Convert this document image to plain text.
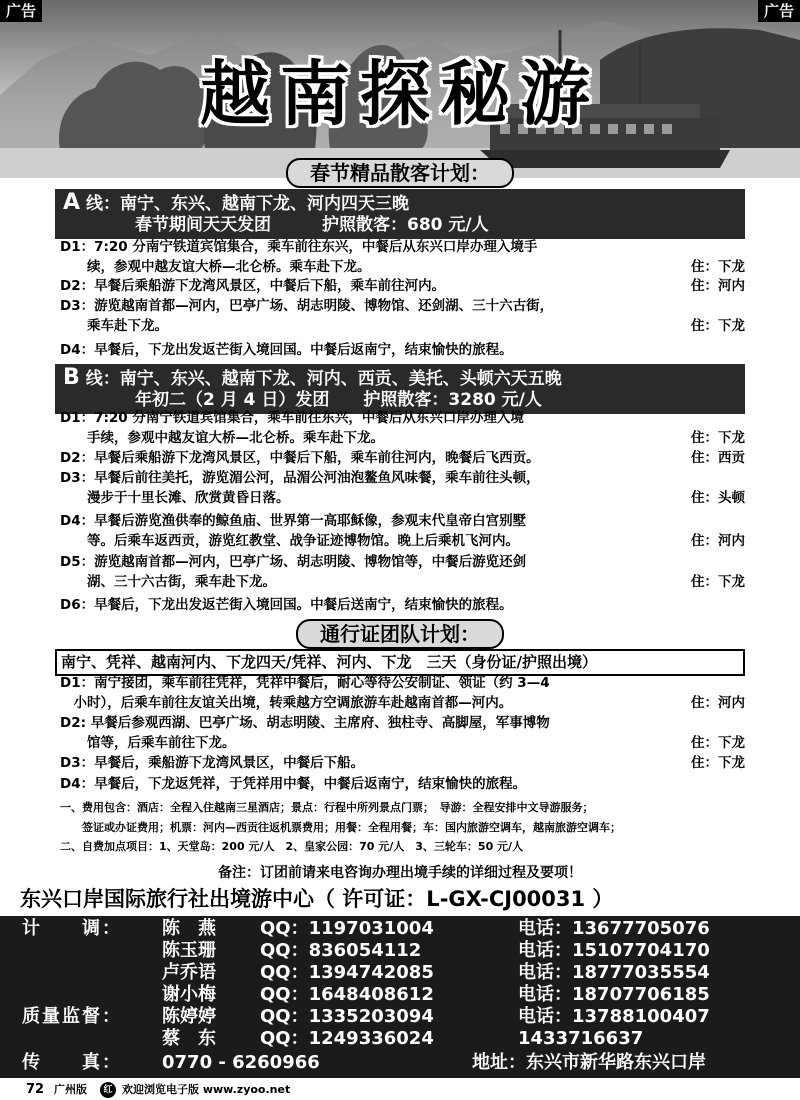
广告	广告
越南探秘游
春节精品散客计划：
A 线：南宁、东兴、越南下龙、河内四天三晚
春节期间天天发团　　　护照散客：680 元/人
D1：7:20 分南宁铁道宾馆集合，乘车前往东兴，中餐后从东兴口岸办理入境手
　　续，参观中越友谊大桥—北仑桥。乘车赴下龙。	住：下龙
D2：早餐后乘船游下龙湾风景区，中餐后下船，乘车前往河内。	住：河内
D3：游览越南首都—河内，巴亭广场、胡志明陵、博物馆、还剑湖、三十六古街，
　　乘车赴下龙。	住：下龙
D4：早餐后，下龙出发返芒街入境回国。中餐后返南宁，结束愉快的旅程。
B 线：南宁、东兴、越南下龙、河内、西贡、美托、头顿六天五晚
年初二（2 月 4 日）发团　　护照散客：3280 元/人
D1：7:20 分南宁铁道宾馆集合，乘车前往东兴，中餐后从东兴口岸办理入境
　　手续，参观中越友谊大桥—北仑桥。乘车赴下龙。	住：下龙
D2：早餐后乘船游下龙湾风景区，中餐后下船，乘车前往河内，晚餐后飞西贡。	住：西贡
D3：早餐后前往美托，游览湄公河，品湄公河油泡鳌鱼风味餐，乘车前往头顿，
　　漫步于十里长滩、欣赏黄昏日落。	住：头顿
D4：早餐后游览渔供奉的鲸鱼庙、世界第一高耶稣像，参观末代皇帝白宫别墅
　　等。后乘车返西贡，游览红教堂、战争证迹博物馆。晚上后乘机飞河内。	住：河内
D5：游览越南首都—河内，巴亭广场、胡志明陵、博物馆等，中餐后游览还剑
　　湖、三十六古街，乘车赴下龙。	住：下龙
D6：早餐后，下龙出发返芒街入境回国。中餐后送南宁，结束愉快的旅程。
通行证团队计划：
南宁、凭祥、越南河内、下龙四天/凭祥、河内、下龙　三天（身份证/护照出境）
D1：南宁接团，乘车前往凭祥，凭祥中餐后，耐心等待公安制证、领证（约 3—4
　小时），后乘车前往友谊关出境，转乘越方空调旅游车赴越南首都—河内。	住：河内
D2: 早餐后参观西湖、巴亭广场、胡志明陵、主席府、独柱寺、高脚屋，军事博物
　　馆等，后乘车前往下龙。	住：下龙
D3：早餐后，乘船游下龙湾风景区，中餐后下船。	住：下龙
D4：早餐后，下龙返凭祥，于凭祥用中餐，中餐后返南宁，结束愉快的旅程。
一、费用包含：酒店：全程入住越南三星酒店；景点：行程中所列景点门票；　导游：全程安排中文导游服务；
　　签证或办证费用；机票：河内—西贡往返机票费用；用餐：全程用餐；车：国内旅游空调车，越南旅游空调车；
二、自费加点项目：1、天堂岛：200 元/人　2、皇家公园：70 元/人　3、三轮车：50 元/人
备注：订团前请来电咨询办理出境手续的详细过程及要项！
东兴口岸国际旅行社出境游中心（ 许可证：L-GX-CJ00031 ）
计　　调： 陈　燕	QQ：1197031004	电话：13677705076
陈玉珊	QQ：836054112	电话：15107704170
卢乔语	QQ：1394742085	电话：18777035554
谢小梅	QQ：1648408612	电话：18707706185
质量监督： 陈婷婷	QQ：1335203094	电话：13788100407
蔡　东	QQ：1249336024	1433716637
传　　真： 0770 - 6260966	地址：东兴市新华路东兴口岸
72 广州版	红 欢迎浏览电子版 www.zyoo.net
